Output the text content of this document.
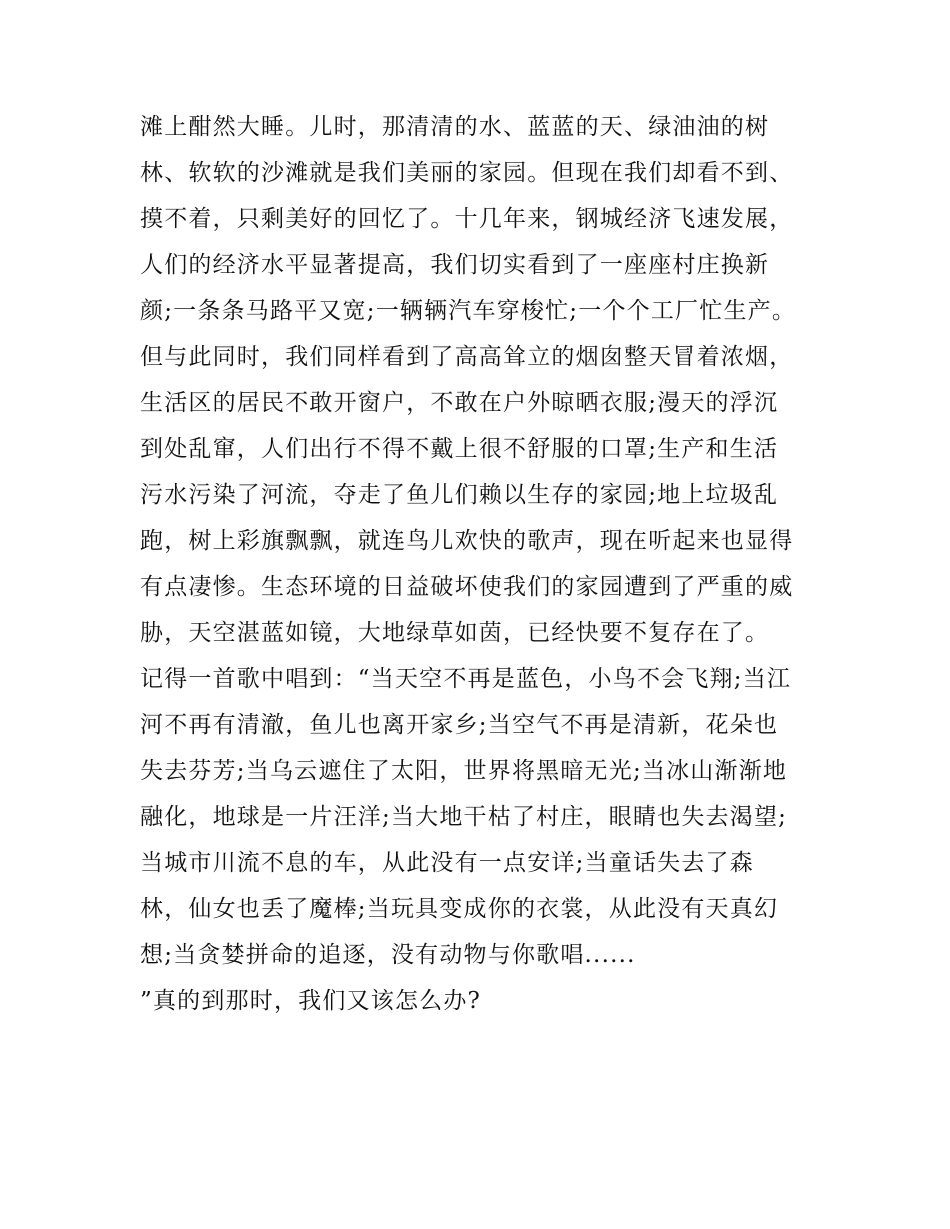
滩上酣然大睡。儿时，那清清的水、蓝蓝的天、绿油油的树
林、软软的沙滩就是我们美丽的家园。但现在我们却看不到、
摸不着，只剩美好的回忆了。十几年来，钢城经济飞速发展，
人们的经济水平显著提高，我们切实看到了一座座村庄换新
颜;一条条马路平又宽;一辆辆汽车穿梭忙;一个个工厂忙生产。
但与此同时，我们同样看到了高高耸立的烟囱整天冒着浓烟，
生活区的居民不敢开窗户，不敢在户外晾晒衣服;漫天的浮沉
到处乱窜，人们出行不得不戴上很不舒服的口罩;生产和生活
污水污染了河流，夺走了鱼儿们赖以生存的家园;地上垃圾乱
跑，树上彩旗飘飘，就连鸟儿欢快的歌声，现在听起来也显得
有点凄惨。生态环境的日益破坏使我们的家园遭到了严重的威
胁，天空湛蓝如镜，大地绿草如茵，已经快要不复存在了。
记得一首歌中唱到：“当天空不再是蓝色，小鸟不会飞翔;当江
河不再有清澈，鱼儿也离开家乡;当空气不再是清新，花朵也
失去芬芳;当乌云遮住了太阳，世界将黑暗无光;当冰山渐渐地
融化，地球是一片汪洋;当大地干枯了村庄，眼睛也失去渴望;
当城市川流不息的车，从此没有一点安详;当童话失去了森
林，仙女也丢了魔棒;当玩具变成你的衣裳，从此没有天真幻
想;当贪婪拼命的追逐，没有动物与你歌唱......
”真的到那时，我们又该怎么办?
